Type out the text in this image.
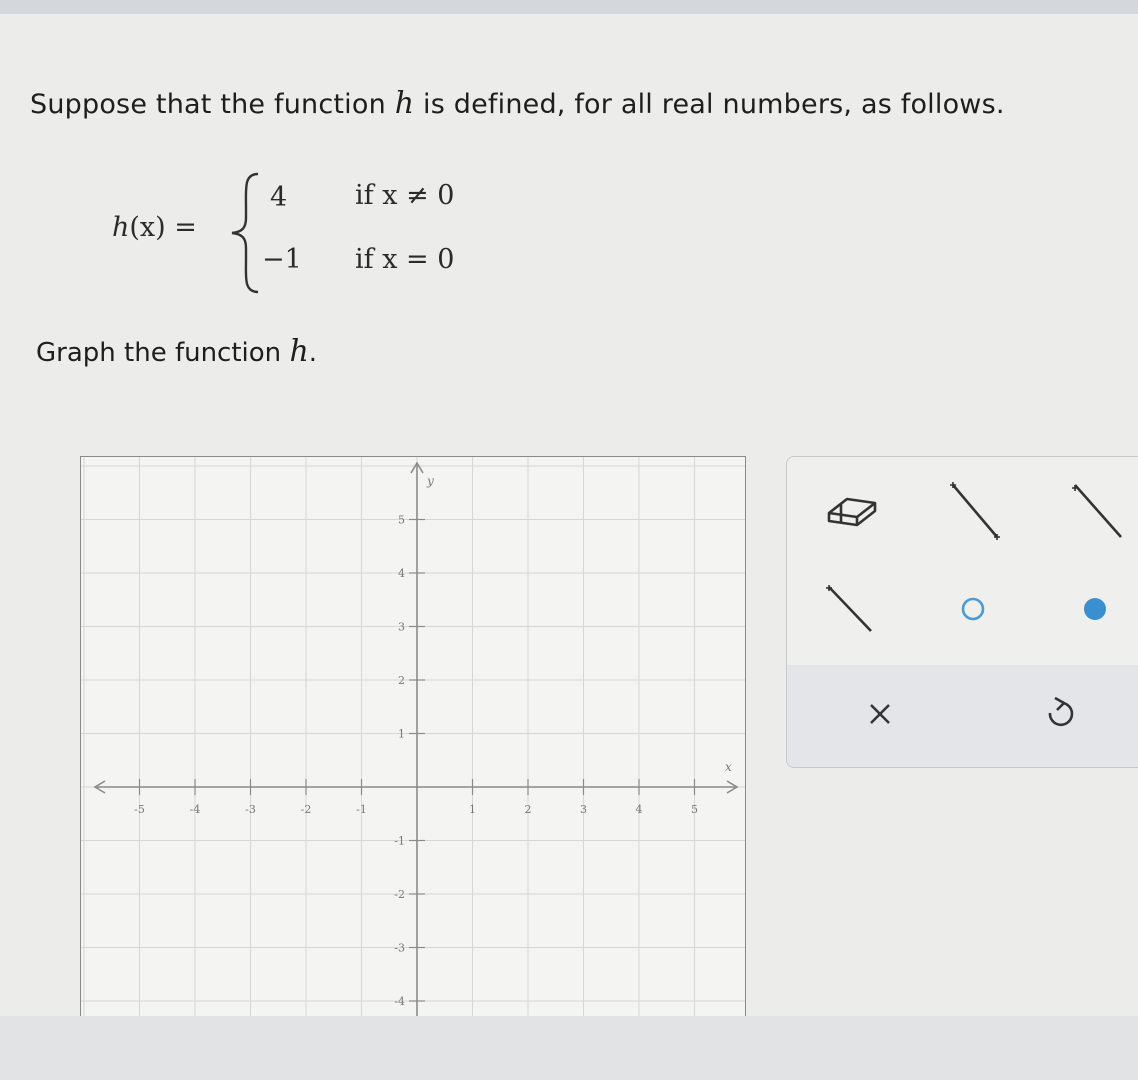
Suppose that the function h is defined, for all real numbers, as follows.
h(x) =
4	if x ≠ 0
−1 if x = 0
Graph the function h.
-5	-4	-3	-2	-1	1	2	3	4	5
5
4
3
2
1
-1
-2
-3
-4
x
y
